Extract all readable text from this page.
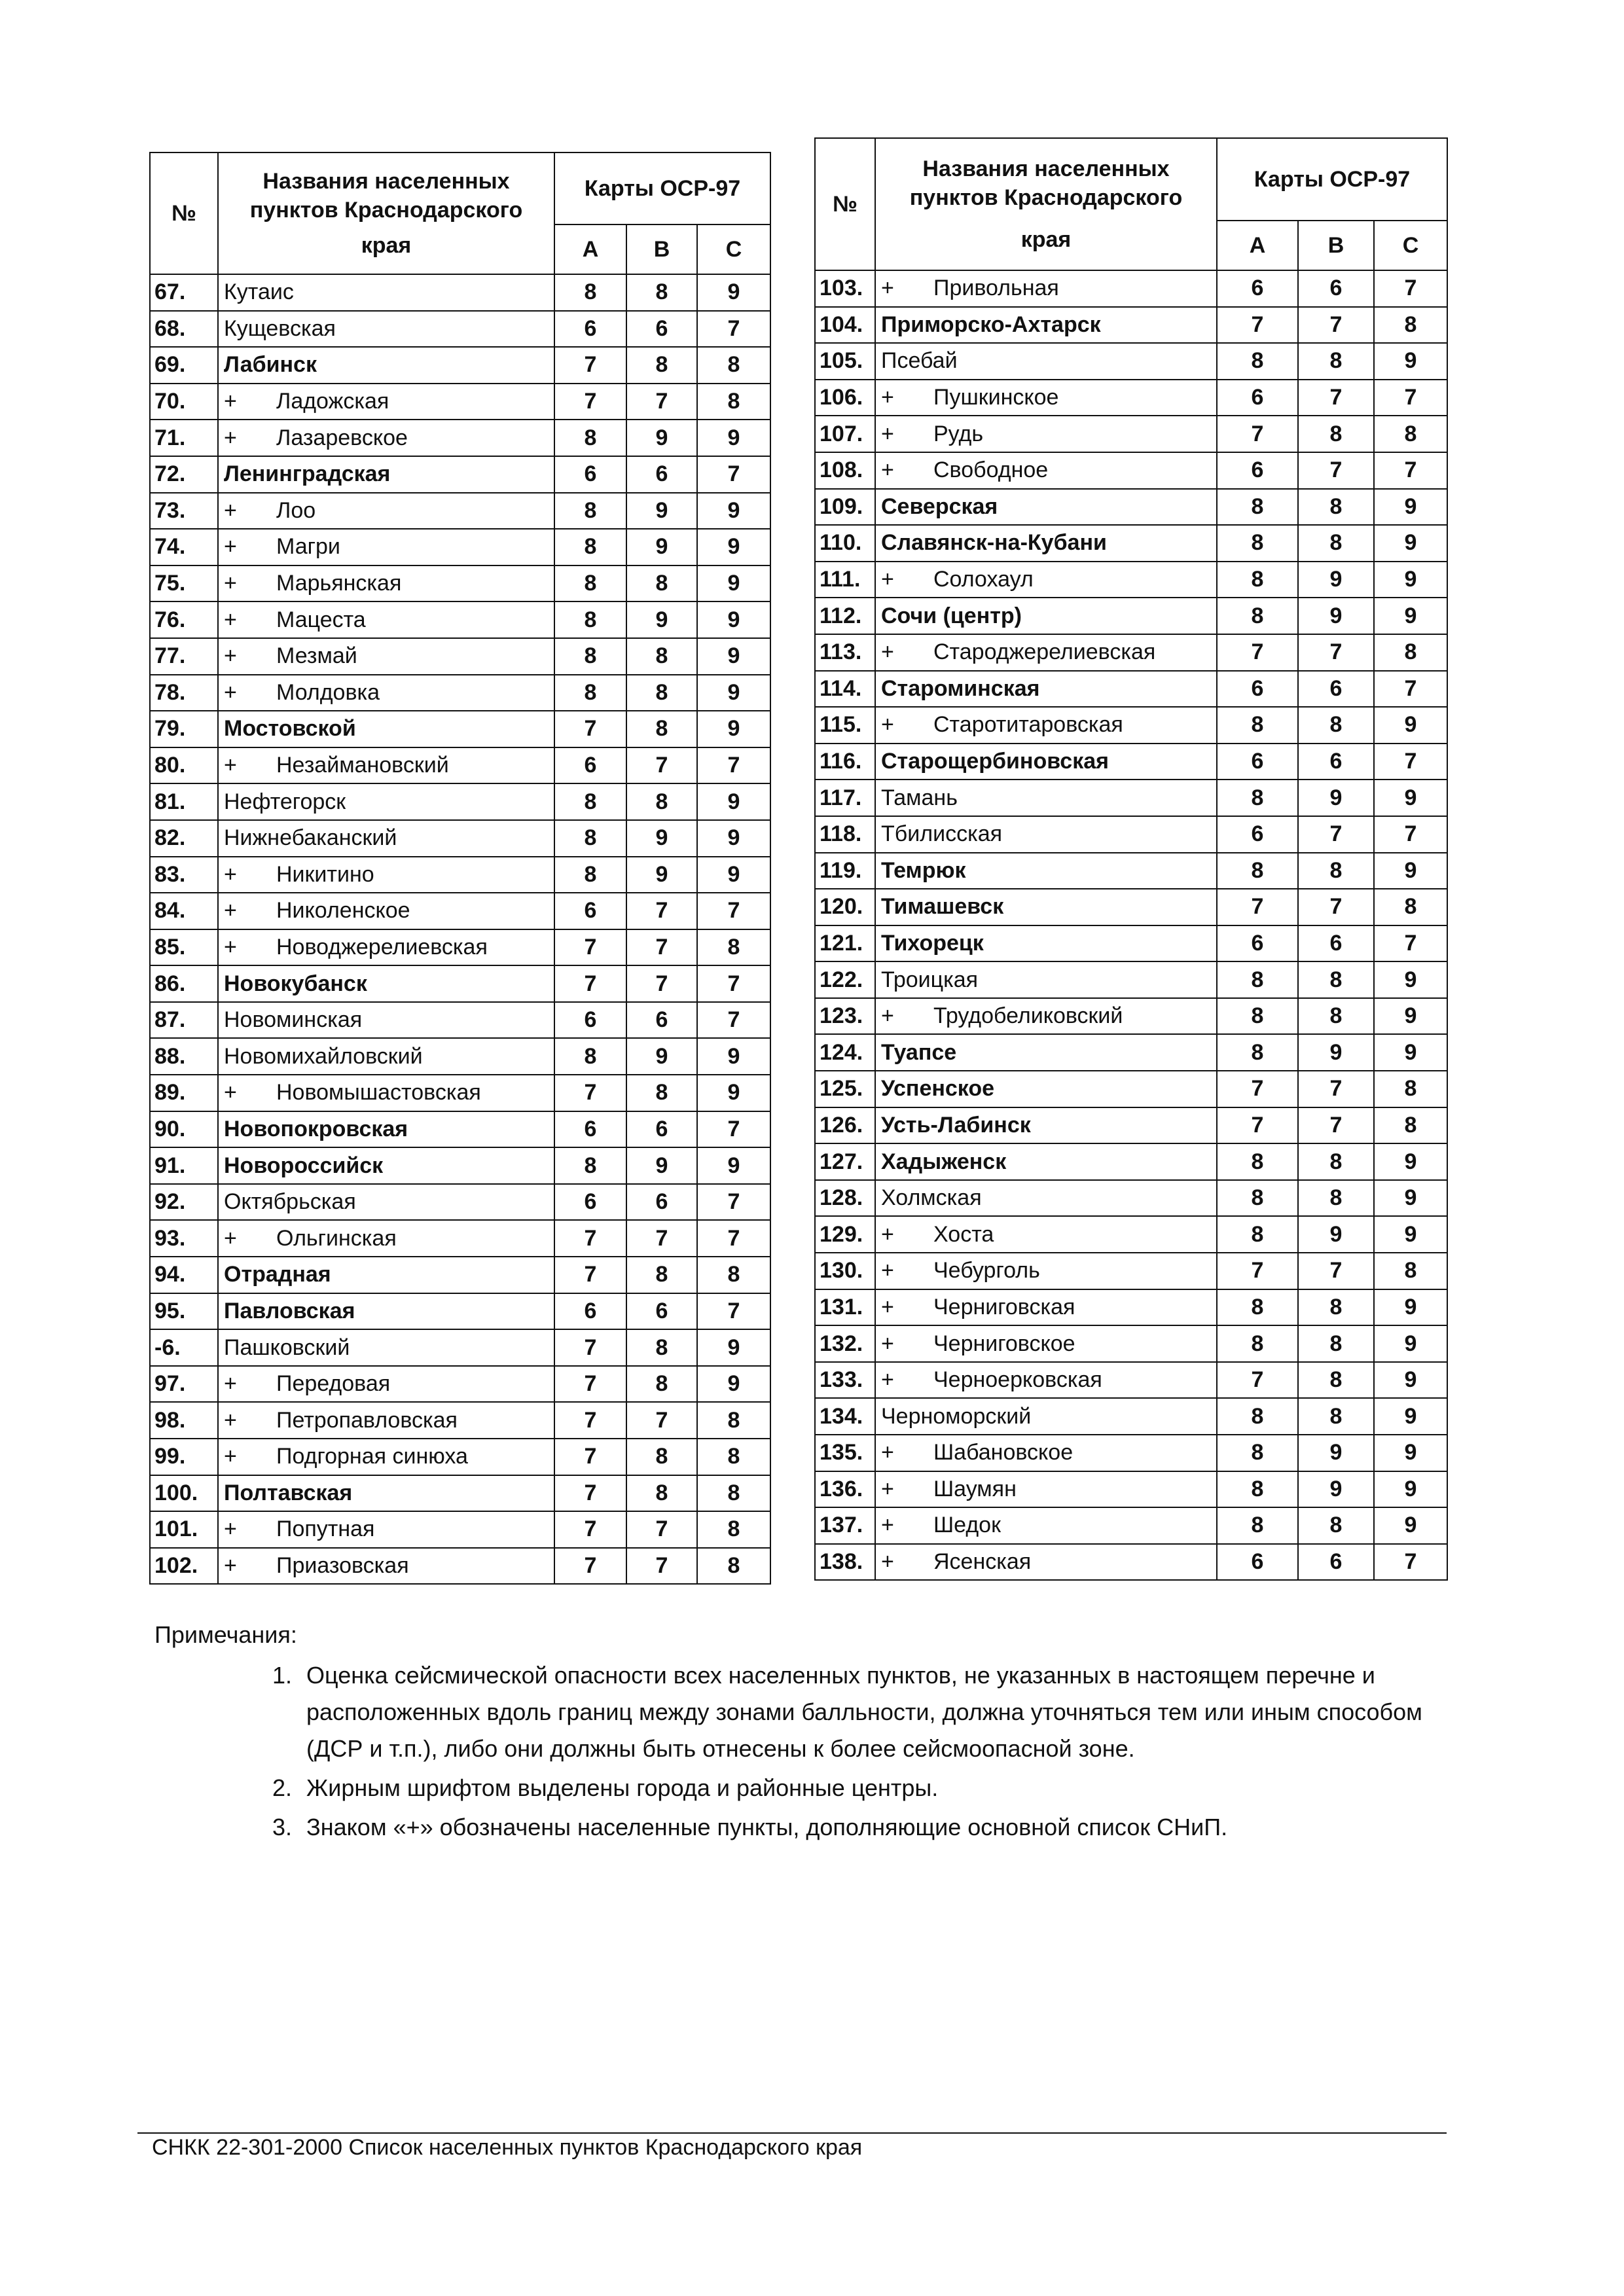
№	Названия населенных
пунктов Краснодарского
края	Карты ОСР-97		
		A	B	C
67.	Кутаис	8	8	9
68.	Кущевская	6	6	7
69.	Лабинск	7	8	8
70.	+ Ладожская	7	7	8
71.	+ Лазаревское	8	9	9
72.	Ленинградская	6	6	7
73.	+ Лоо	8	9	9
74.	+ Магри	8	9	9
75.	+ Марьянская	8	8	9
76.	+ Мацеста	8	9	9
77.	+ Мезмай	8	8	9
78.	+ Молдовка	8	8	9
79.	Мостовской	7	8	9
80.	+ Незаймановский	6	7	7
81.	Нефтегорск	8	8	9
82.	Нижнебаканский	8	9	9
83.	+ Никитино	8	9	9
84.	+ Николенское	6	7	7
85.	+ Новоджерелиевская	7	7	8
86.	Новокубанск	7	7	7
87.	Новоминская	6	6	7
88.	Новомихайловский	8	9	9
89.	+ Новомышастовская	7	8	9
90.	Новопокровская	6	6	7
91.	Новороссийск	8	9	9
92.	Октябрьская	6	6	7
93.	+ Ольгинская	7	7	7
94.	Отрадная	7	8	8
95.	Павловская	6	6	7
-6.	Пашковский	7	8	9
97.	+ Передовая	7	8	9
98.	+ Петропавловская	7	7	8
99.	+ Подгорная синюха	7	8	8
100.	Полтавская	7	8	8
101.	+ Попутная	7	7	8
102.	+ Приазовская	7	7	8
№	Названия населенных
пунктов Краснодарского
края	Карты ОСР-97		
		A	B	C
103.	+ Привольная	6	6	7
104.	Приморско-Ахтарск	7	7	8
105.	Псебай	8	8	9
106.	+ Пушкинское	6	7	7
107.	+ Рудь	7	8	8
108.	+ Свободное	6	7	7
109.	Северская	8	8	9
110.	Славянск-на-Кубани	8	8	9
111.	+ Солохаул	8	9	9
112.	Сочи (центр)	8	9	9
113.	+ Староджерелиевская	7	7	8
114.	Староминская	6	6	7
115.	+ Старотитаровская	8	8	9
116.	Старощербиновская	6	6	7
117.	Тамань	8	9	9
118.	Тбилисская	6	7	7
119.	Темрюк	8	8	9
120.	Тимашевск	7	7	8
121.	Тихорецк	6	6	7
122.	Троицкая	8	8	9
123.	+ Трудобеликовский	8	8	9
124.	Туапсе	8	9	9
125.	Успенское	7	7	8
126.	Усть-Лабинск	7	7	8
127.	Хадыженск	8	8	9
128.	Холмская	8	8	9
129.	+ Хоста	8	9	9
130.	+ Чебурголь	7	7	8
131.	+ Черниговская	8	8	9
132.	+ Черниговское	8	8	9
133.	+ Черноерковская	7	8	9
134.	Черноморский	8	8	9
135.	+ Шабановское	8	9	9
136.	+ Шаумян	8	9	9
137.	+ Шедок	8	8	9
138.	+ Ясенская	6	6	7
Примечания:
1. Оценка сейсмической опасности всех населенных пунктов, не указанных в настоящем перечне и расположенных вдоль границ между зонами балльности, должна уточняться тем или иным способом (ДСР и т.п.), либо они должны быть отнесены к более сейсмоопасной зоне.
2. Жирным шрифтом выделены города и районные центры.
3. Знаком «+» обозначены населенные пункты, дополняющие основной список СНиП.
СНКК 22-301-2000 Список населенных пунктов Краснодарского края
